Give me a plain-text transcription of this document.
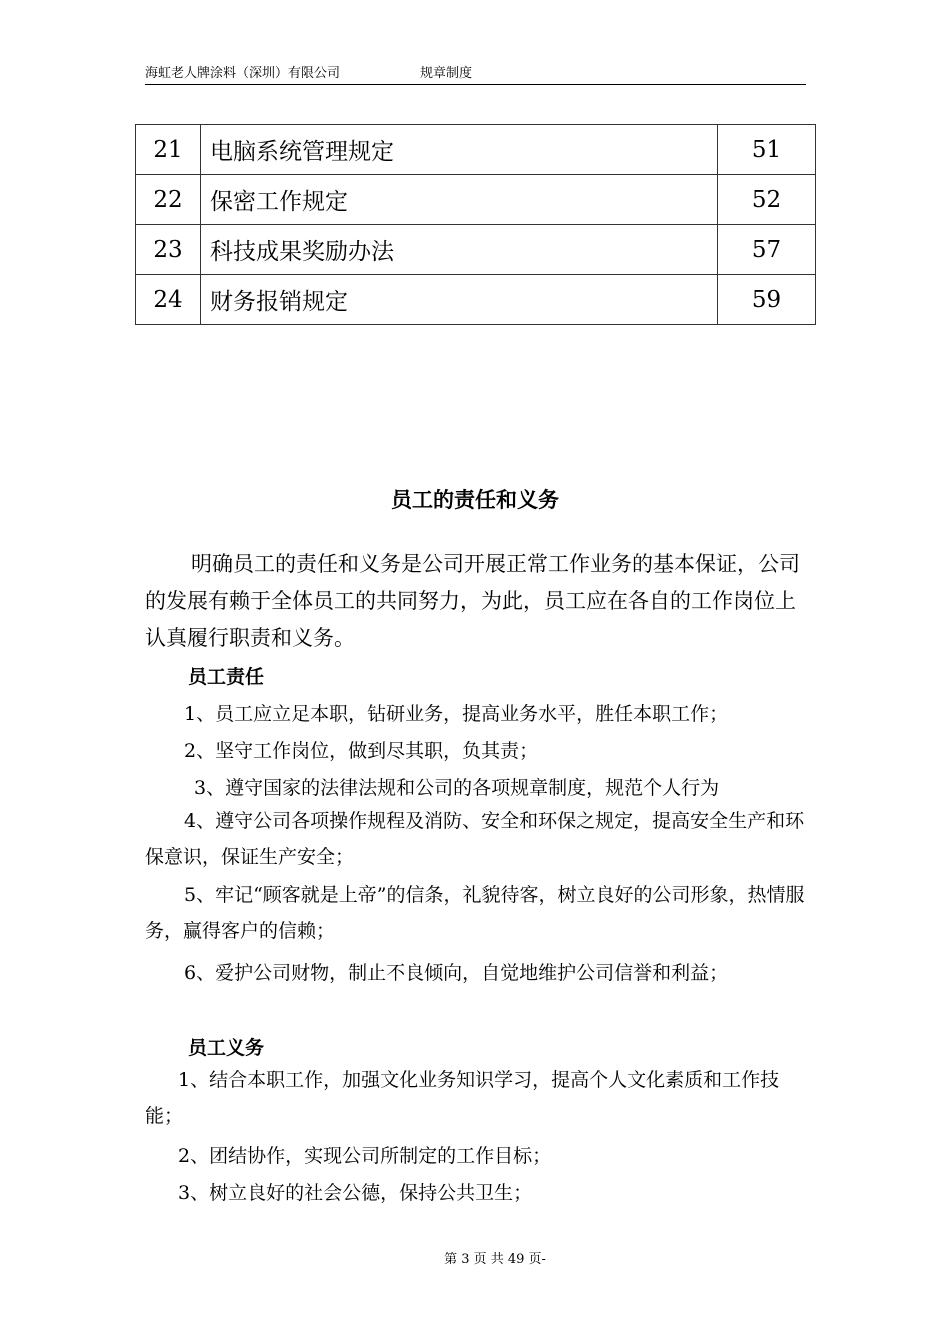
海虹老人牌涂料（深圳）有限公司	规章制度
21	电脑系统管理规定	51
22	保密工作规定	52
23	科技成果奖励办法	57
24	财务报销规定	59
员工的责任和义务
明确员工的责任和义务是公司开展正常工作业务的基本保证，公司的发展有赖于全体员工的共同努力，为此，员工应在各自的工作岗位上认真履行职责和义务。
员工责任
1、员工应立足本职，钻研业务，提高业务水平，胜任本职工作；
2、坚守工作岗位，做到尽其职，负其责；
3、遵守国家的法律法规和公司的各项规章制度，规范个人行为
4、遵守公司各项操作规程及消防、安全和环保之规定，提高安全生产和环保意识，保证生产安全；
5、牢记“顾客就是上帝”的信条，礼貌待客，树立良好的公司形象，热情服务，赢得客户的信赖；
6、爱护公司财物，制止不良倾向，自觉地维护公司信誉和利益；
员工义务
1、结合本职工作，加强文化业务知识学习，提高个人文化素质和工作技能；
2、团结协作，实现公司所制定的工作目标；
3、树立良好的社会公德，保持公共卫生；
第 3 页 共 49 页-
